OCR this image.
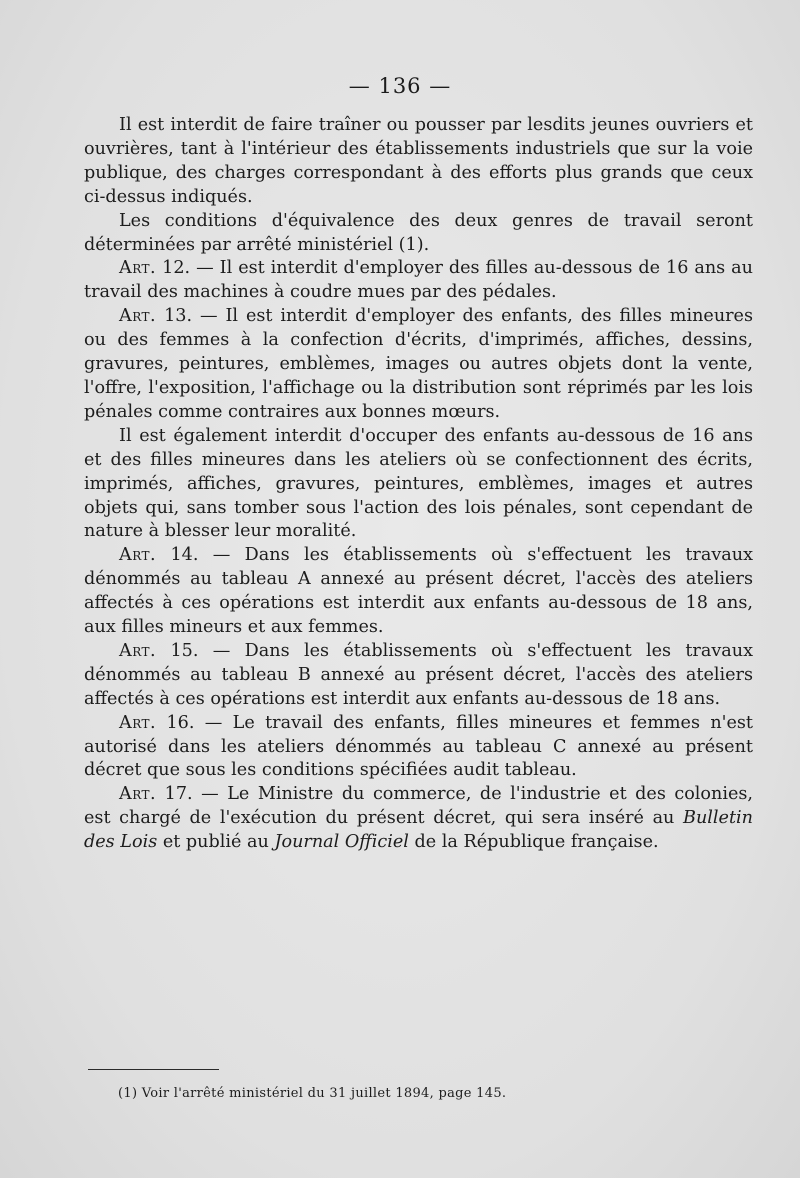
— 136 —

Il est interdit de faire traîner ou pousser par lesdits jeunes ouvriers et ouvrières, tant à l'intérieur des établissements industriels que sur la voie publique, des charges correspondant à des efforts plus grands que ceux ci-dessus indiqués.

Les conditions d'équivalence des deux genres de travail seront déterminées par arrêté ministériel (1).

Art. 12. — Il est interdit d'employer des filles au-dessous de 16 ans au travail des machines à coudre mues par des pédales.

Art. 13. — Il est interdit d'employer des enfants, des filles mineures ou des femmes à la confection d'écrits, d'imprimés, affiches, dessins, gravures, peintures, emblèmes, images ou autres objets dont la vente, l'offre, l'exposition, l'affichage ou la distribution sont réprimés par les lois pénales comme contraires aux bonnes mœurs.

Il est également interdit d'occuper des enfants au-dessous de 16 ans et des filles mineures dans les ateliers où se confectionnent des écrits, imprimés, affiches, gravures, peintures, emblèmes, images et autres objets qui, sans tomber sous l'action des lois pénales, sont cependant de nature à blesser leur moralité.

Art. 14. — Dans les établissements où s'effectuent les travaux dénommés au tableau A annexé au présent décret, l'accès des ateliers affectés à ces opérations est interdit aux enfants au-dessous de 18 ans, aux filles mineurs et aux femmes.

Art. 15. — Dans les établissements où s'effectuent les travaux dénommés au tableau B annexé au présent décret, l'accès des ateliers affectés à ces opérations est interdit aux enfants au-dessous de 18 ans.

Art. 16. — Le travail des enfants, filles mineures et femmes n'est autorisé dans les ateliers dénommés au tableau C annexé au présent décret que sous les conditions spécifiées audit tableau.

Art. 17. — Le Ministre du commerce, de l'industrie et des colonies, est chargé de l'exécution du présent décret, qui sera inséré au Bulletin des Lois et publié au Journal Officiel de la République française.

(1) Voir l'arrêté ministériel du 31 juillet 1894, page 145.
